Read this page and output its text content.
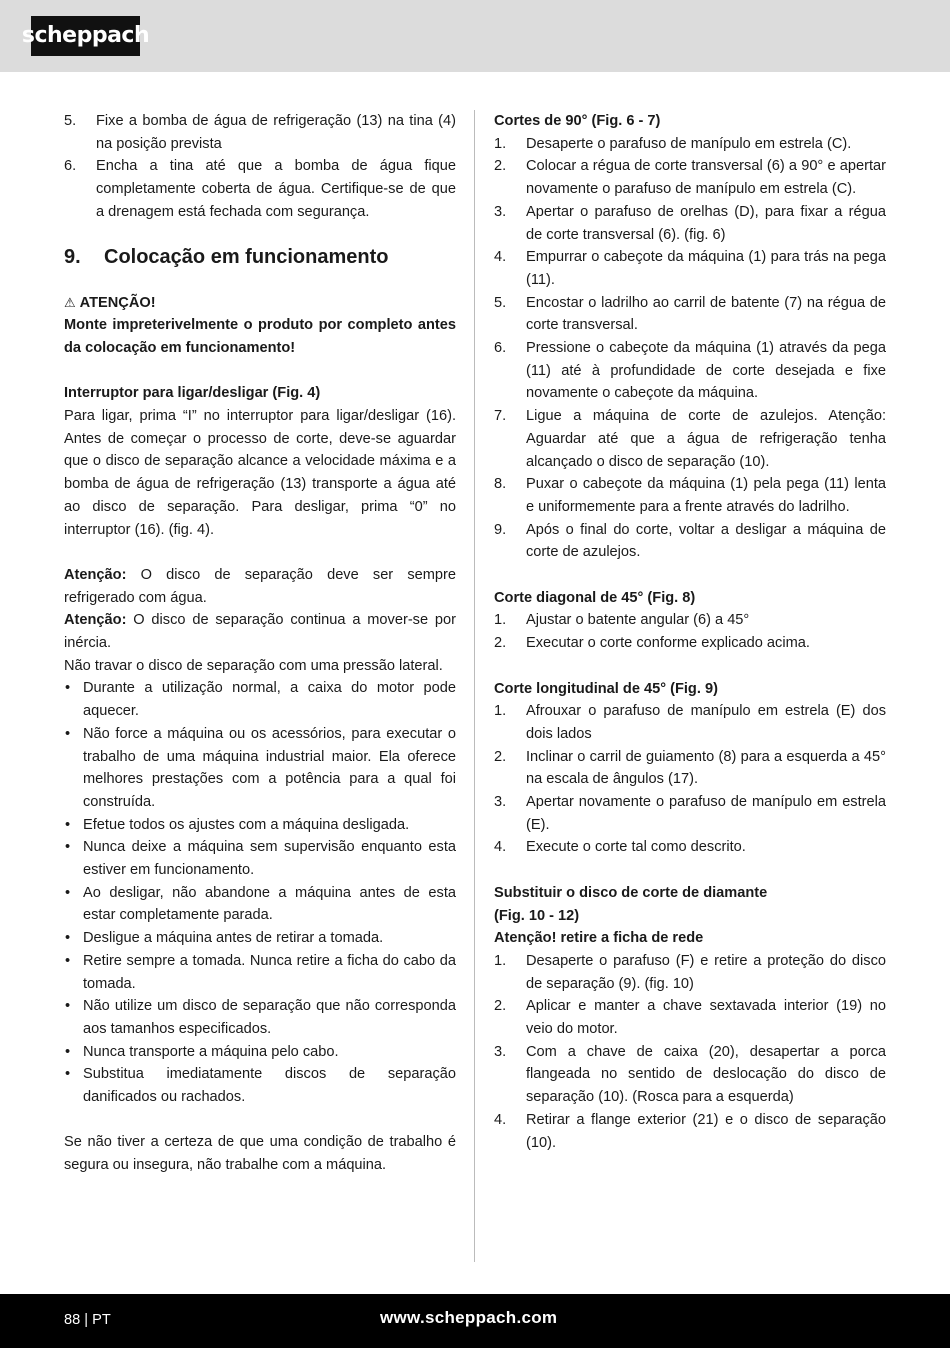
scheppach
5. Fixe a bomba de água de refrigeração (13) na tina (4) na posição prevista
6. Encha a tina até que a bomba de água fique completamente coberta de água. Certifique-se de que a drenagem está fechada com segurança.
9.	Colocação em funcionamento

⚠ ATENÇÃO!

Monte impreterivelmente o produto por completo antes da colocação em funcionamento!

Interruptor para ligar/desligar (Fig. 4)

Para ligar, prima “I” no interruptor para ligar/desligar (16). Antes de começar o processo de corte, deve-se aguardar que o disco de separação alcance a velocidade máxima e a bomba de água de refrigeração (13) transporte a água até ao disco de separação. Para desligar, prima “0” no interruptor (16). (fig. 4).

Atenção: O disco de separação deve ser sempre refrigerado com água.

Atenção: O disco de separação continua a mover-se por inércia.

Não travar o disco de separação com uma pressão lateral.

• Durante a utilização normal, a caixa do motor pode aquecer.
• Não force a máquina ou os acessórios, para executar o trabalho de uma máquina industrial maior. Ela oferece melhores prestações com a potência para a qual foi construída.
• Efetue todos os ajustes com a máquina desligada.
• Nunca deixe a máquina sem supervisão enquanto esta estiver em funcionamento.
• Ao desligar, não abandone a máquina antes de esta estar completamente parada.
• Desligue a máquina antes de retirar a tomada.
• Retire sempre a tomada. Nunca retire a ficha do cabo da tomada.
• Não utilize um disco de separação que não corresponda aos tamanhos especificados.
• Nunca transporte a máquina pelo cabo.
• Substitua imediatamente discos de separação danificados ou rachados.

Se não tiver a certeza de que uma condição de trabalho é segura ou insegura, não trabalhe com a máquina.

Cortes de 90° (Fig. 6 - 7)

1. Desaperte o parafuso de manípulo em estrela (C).
2. Colocar a régua de corte transversal (6) a 90° e apertar novamente o parafuso de manípulo em estrela (C).
3. Apertar o parafuso de orelhas (D), para fixar a régua de corte transversal (6). (fig. 6)
4. Empurrar o cabeçote da máquina (1) para trás na pega (11).
5. Encostar o ladrilho ao carril de batente (7) na régua de corte transversal.
6. Pressione o cabeçote da máquina (1) através da pega (11) até à profundidade de corte desejada e fixe novamente o cabeçote da máquina.
7. Ligue a máquina de corte de azulejos. Atenção: Aguardar até que a água de refrigeração tenha alcançado o disco de separação (10).
8. Puxar o cabeçote da máquina (1) pela pega (11) lenta e uniformemente para a frente através do ladrilho.
9. Após o final do corte, voltar a desligar a máquina de corte de azulejos.

Corte diagonal de 45° (Fig. 8)

1. Ajustar o batente angular (6) a 45°
2. Executar o corte conforme explicado acima.

Corte longitudinal de 45° (Fig. 9)

1. Afrouxar o parafuso de manípulo em estrela (E) dos dois lados
2. Inclinar o carril de guiamento (8) para a esquerda a 45° na escala de ângulos (17).
3. Apertar novamente o parafuso de manípulo em estrela (E).
4. Execute o corte tal como descrito.

Substituir o disco de corte de diamante

(Fig. 10 - 12)

Atenção! retire a ficha de rede

1. Desaperte o parafuso (F) e retire a proteção do disco de separação (9). (fig. 10)
2. Aplicar e manter a chave sextavada interior (19) no veio do motor.
3. Com a chave de caixa (20), desapertar a porca flangeada no sentido de deslocação do disco de separação (10). (Rosca para a esquerda)
4. Retirar a flange exterior (21) e o disco de separação (10).
88 | PT	www.scheppach.com
